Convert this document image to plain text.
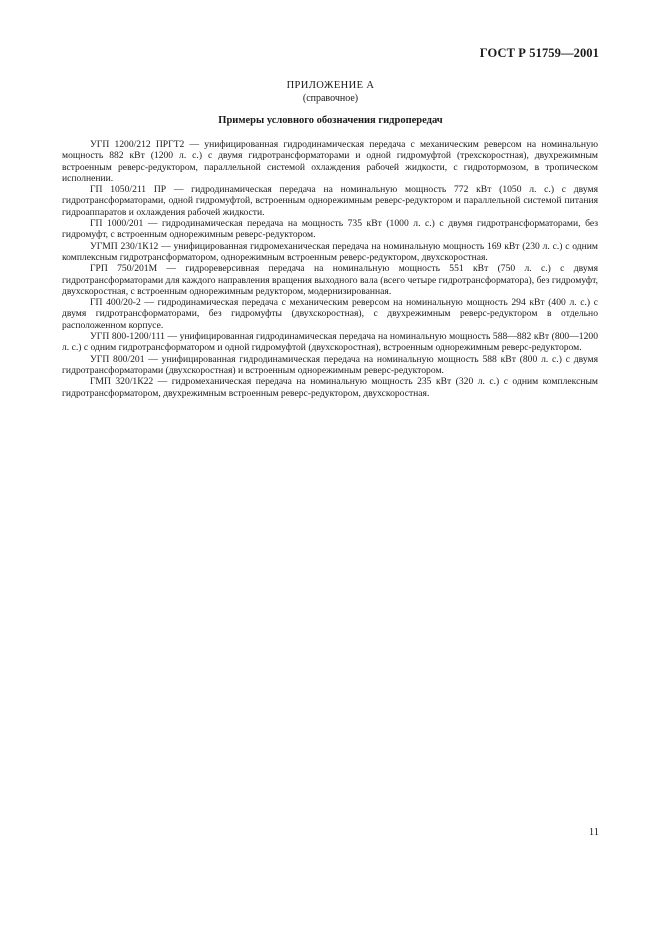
ГОСТ Р 51759—2001
ПРИЛОЖЕНИЕ А
(справочное)
Примеры условного обозначения гидропередач

УГП 1200/212 ПРГТ2 — унифицированная гидродинамическая передача с механическим реверсом на номинальную мощность 882 кВт (1200 л. с.) с двумя гидротрансформаторами и одной гидромуфтой (трехскоростная), двухрежимным встроенным реверс-редуктором, параллельной системой охлаждения рабочей жидкости, с гидротормозом, в тропическом исполнении.

ГП 1050/211 ПР — гидродинамическая передача на номинальную мощность 772 кВт (1050 л. с.) с двумя гидротрансформаторами, одной гидромуфтой, встроенным однорежимным реверс-редуктором и параллельной системой питания гидроаппаратов и охлаждения рабочей жидкости.

ГП 1000/201 — гидродинамическая передача на мощность 735 кВт (1000 л. с.) с двумя гидротрансформаторами, без гидромуфт, с встроенным однорежимным реверс-редуктором.

УГМП 230/1К12 — унифицированная гидромеханическая передача на номинальную мощность 169 кВт (230 л. с.) с одним комплексным гидротрансформатором, однорежимным встроенным реверс-редуктором, двухскоростная.

ГРП 750/201М — гидрореверсивная передача на номинальную мощность 551 кВт (750 л. с.) с двумя гидротрансформаторами для каждого направления вращения выходного вала (всего четыре гидротрансформатора), без гидромуфт, двухскоростная, с встроенным однорежимным редуктором, модернизированная.

ГП 400/20-2 — гидродинамическая передача с механическим реверсом на номинальную мощность 294 кВт (400 л. с.) с двумя гидротрансформаторами, без гидромуфты (двухскоростная), с двухрежимным реверс-редуктором в отдельно расположенном корпусе.

УГП 800-1200/111 — унифицированная гидродинамическая передача на номинальную мощность 588—882 кВт (800—1200 л. с.) с одним гидротрансформатором и одной гидромуфтой (двухскоростная), встроенным однорежимным реверс-редуктором.

УГП 800/201 — унифицированная гидродинамическая передача на номинальную мощность 588 кВт (800 л. с.) с двумя гидротрансформаторами (двухскоростная) и встроенным однорежимным реверс-редуктором.

ГМП 320/1К22 — гидромеханическая передача на номинальную мощность 235 кВт (320 л. с.) с одним комплексным гидротрансформатором, двухрежимным встроенным реверс-редуктором, двухскоростная.

11
